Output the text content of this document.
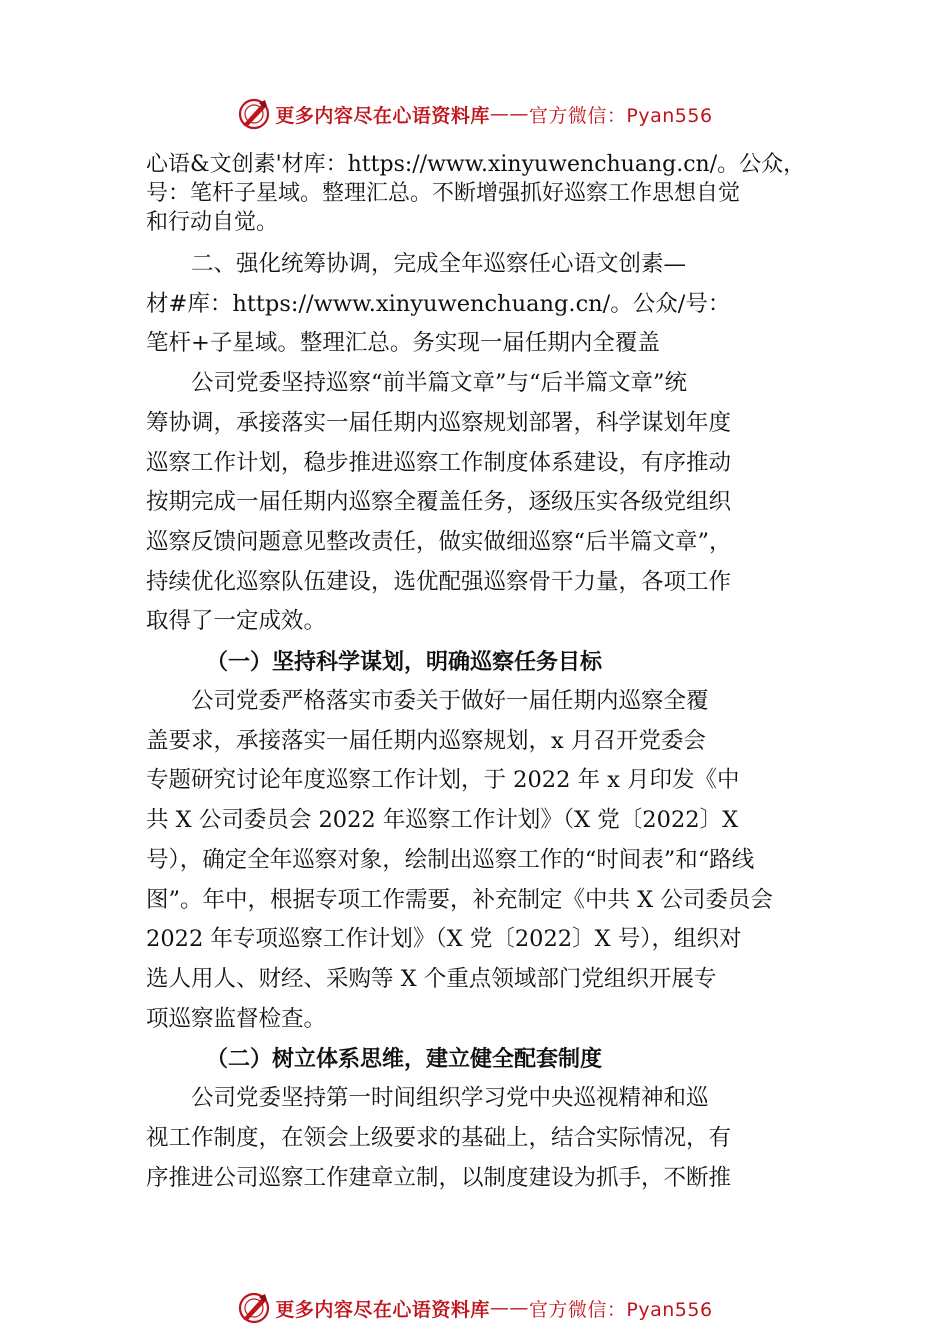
更多内容尽在心语资料库 —— 官方微信：Pyan556

心语&文创素'材库：https://www.xinyuwenchuang.cn/。公众，

号：笔杆子星域。整理汇总。不断增强抓好巡察工作思想自觉

和行动自觉。

　　二、强化统筹协调，完成全年巡察任心语文创素—

材#库：https://www.xinyuwenchuang.cn/。公众/号：

笔杆+子星域。整理汇总。务实现一届任期内全覆盖

　　公司党委坚持巡察“前半篇文章”与“后半篇文章”统

筹协调，承接落实一届任期内巡察规划部署，科学谋划年度

巡察工作计划，稳步推进巡察工作制度体系建设，有序推动

按期完成一届任期内巡察全覆盖任务，逐级压实各级党组织

巡察反馈问题意见整改责任，做实做细巡察“后半篇文章”，

持续优化巡察队伍建设，选优配强巡察骨干力量，各项工作

取得了一定成效。

（一）坚持科学谋划，明确巡察任务目标

　　公司党委严格落实市委关于做好一届任期内巡察全覆

盖要求，承接落实一届任期内巡察规划，x 月召开党委会

专题研究讨论年度巡察工作计划，于 2022 年 x 月印发《中

共 X 公司委员会 2022 年巡察工作计划》（X 党〔2022〕X

号），确定全年巡察对象，绘制出巡察工作的“时间表”和“路线

图”。年中，根据专项工作需要，补充制定《中共 X 公司委员会

2022 年专项巡察工作计划》（X 党〔2022〕X 号），组织对

选人用人、财经、采购等 X 个重点领域部门党组织开展专

项巡察监督检查。

（二）树立体系思维，建立健全配套制度

　　公司党委坚持第一时间组织学习党中央巡视精神和巡

视工作制度，在领会上级要求的基础上，结合实际情况，有

序推进公司巡察工作建章立制，以制度建设为抓手，不断推

更多内容尽在心语资料库 —— 官方微信：Pyan556
